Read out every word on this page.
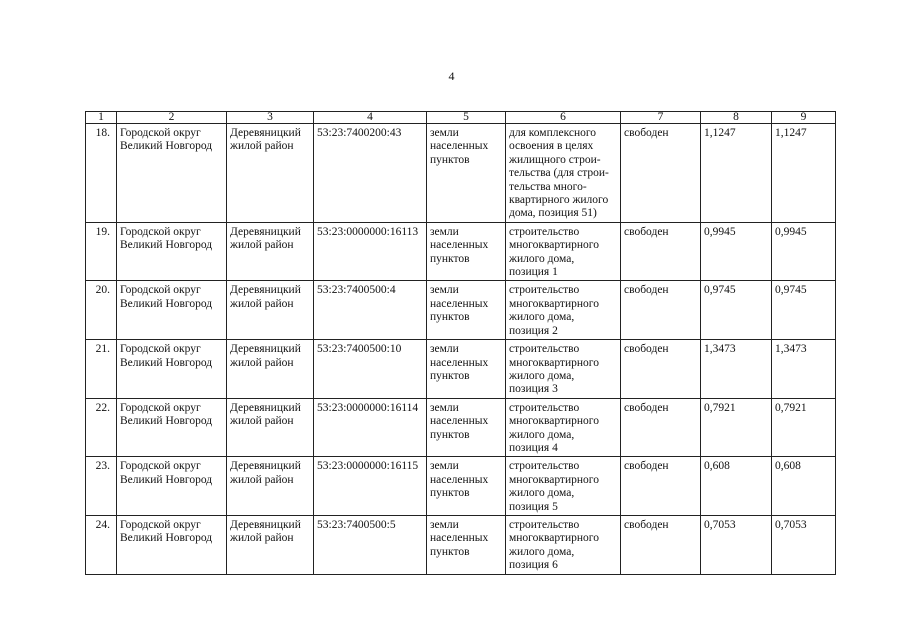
4
1	2	3	4	5	6	7	8	9
18.	Городской округ Великий Новгород	Деревяницкий жилой район	53:23:7400200:43	земли населенных пунктов	для комплексного освоения в целях жилищного строи-тельства (для строи-тельства много-квартирного жилого дома, позиция 51)	свободен	1,1247	1,1247
19.	Городской округ Великий Новгород	Деревяницкий жилой район	53:23:0000000:16113	земли населенных пунктов	строительство многоквартирного жилого дома, позиция 1	свободен	0,9945	0,9945
20.	Городской округ Великий Новгород	Деревяницкий жилой район	53:23:7400500:4	земли населенных пунктов	строительство многоквартирного жилого дома, позиция 2	свободен	0,9745	0,9745
21.	Городской округ Великий Новгород	Деревяницкий жилой район	53:23:7400500:10	земли населенных пунктов	строительство многоквартирного жилого дома, позиция 3	свободен	1,3473	1,3473
22.	Городской округ Великий Новгород	Деревяницкий жилой район	53:23:0000000:16114	земли населенных пунктов	строительство многоквартирного жилого дома, позиция 4	свободен	0,7921	0,7921
23.	Городской округ Великий Новгород	Деревяницкий жилой район	53:23:0000000:16115	земли населенных пунктов	строительство многоквартирного жилого дома, позиция 5	свободен	0,608	0,608
24.	Городской округ Великий Новгород	Деревяницкий жилой район	53:23:7400500:5	земли населенных пунктов	строительство многоквартирного жилого дома, позиция 6	свободен	0,7053	0,7053
